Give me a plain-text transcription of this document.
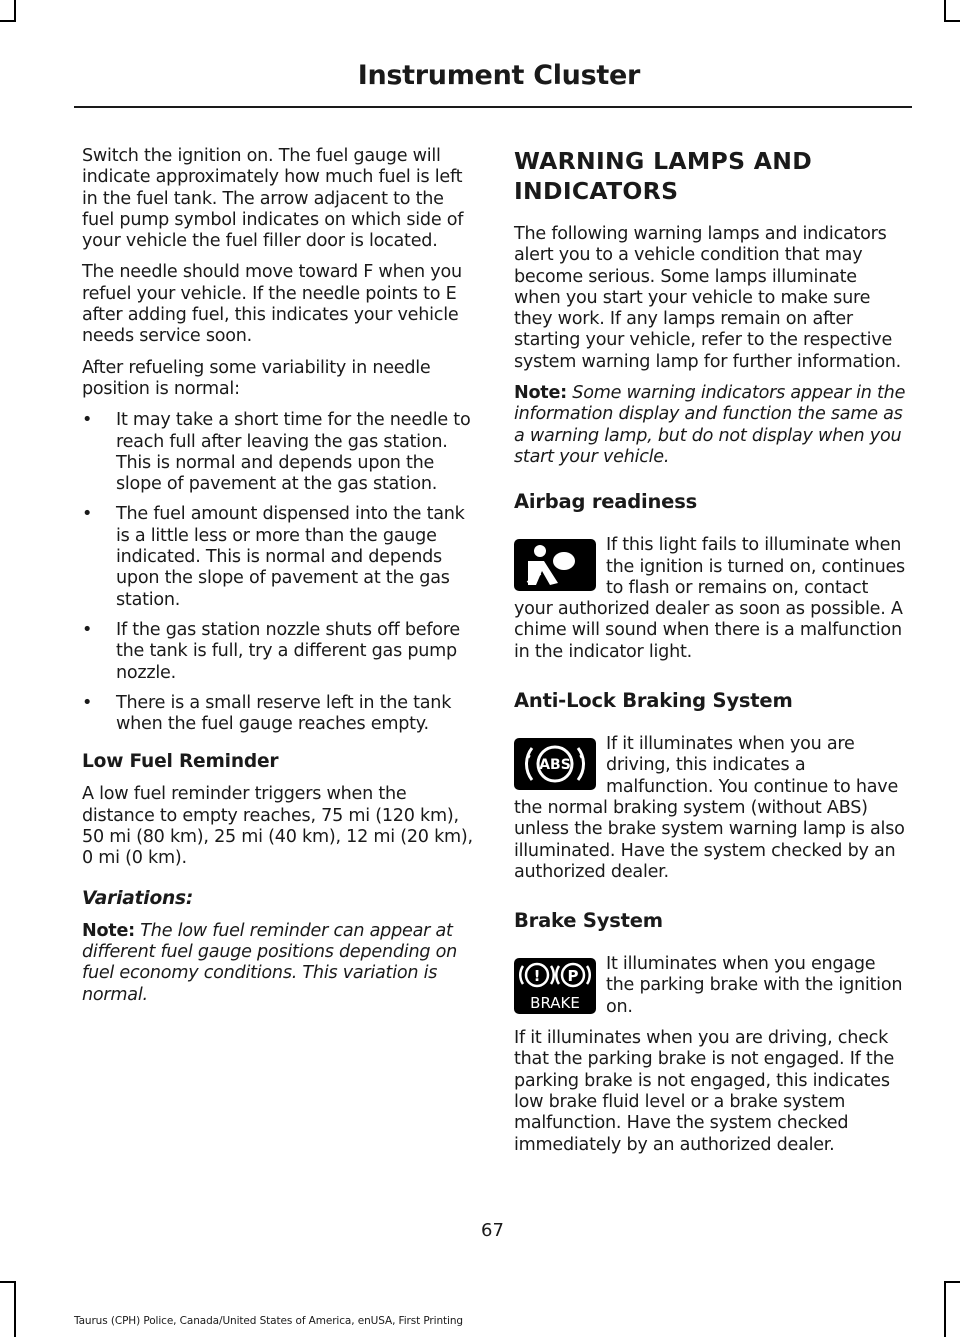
Instrument Cluster

Switch the ignition on. The fuel gauge will indicate approximately how much fuel is left in the fuel tank. The arrow adjacent to the fuel pump symbol indicates on which side of your vehicle the fuel filler door is located.

The needle should move toward F when you refuel your vehicle. If the needle points to E after adding fuel, this indicates your vehicle needs service soon.

After refueling some variability in needle position is normal:

• It may take a short time for the needle to reach full after leaving the gas station. This is normal and depends upon the slope of pavement at the gas station.
• The fuel amount dispensed into the tank is a little less or more than the gauge indicated. This is normal and depends upon the slope of pavement at the gas station.
• If the gas station nozzle shuts off before the tank is full, try a different gas pump nozzle.
• There is a small reserve left in the tank when the fuel gauge reaches empty.
Low Fuel Reminder

A low fuel reminder triggers when the distance to empty reaches, 75 mi (120 km), 50 mi (80 km), 25 mi (40 km), 12 mi (20 km), 0 mi (0 km).

Variations:

Note: The low fuel reminder can appear at different fuel gauge positions depending on fuel economy conditions. This variation is normal.

WARNING LAMPS AND
INDICATORS

The following warning lamps and indicators alert you to a vehicle condition that may become serious. Some lamps illuminate when you start your vehicle to make sure they work. If any lamps remain on after starting your vehicle, refer to the respective system warning lamp for further information.

Note: Some warning indicators appear in the information display and function the same as a warning lamp, but do not display when you start your vehicle.

Airbag readiness

If this light fails to illuminate when the ignition is turned on, continues to flash or remains on, contact your authorized dealer as soon as possible. A chime will sound when there is a malfunction in the indicator light.

Anti-Lock Braking System
ABS

If it illuminates when you are driving, this indicates a malfunction. You continue to have the normal braking system (without ABS) unless the brake system warning lamp is also illuminated. Have the system checked by an authorized dealer.

Brake System
! P
BRAKE

It illuminates when you engage the parking brake with the ignition on.

If it illuminates when you are driving, check that the parking brake is not engaged. If the parking brake is not engaged, this indicates low brake fluid level or a brake system malfunction. Have the system checked immediately by an authorized dealer.

67
Taurus (CPH) Police, Canada/United States of America, enUSA, First Printing
